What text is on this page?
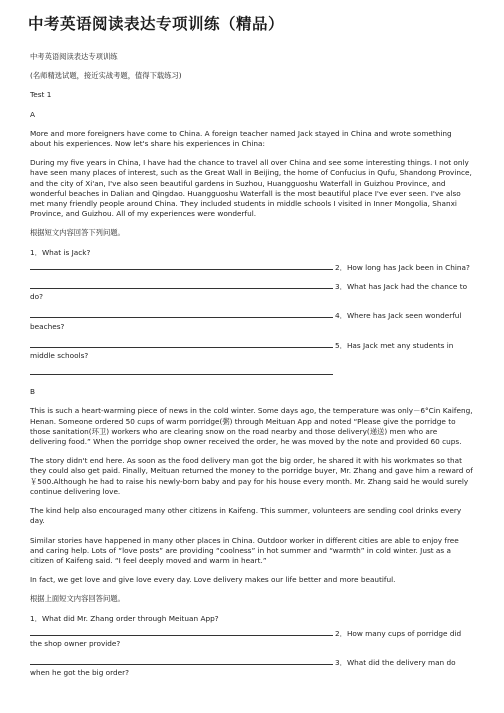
中考英语阅读表达专项训练（精品）
中考英语阅读表达专项训练
(名师精选试题，接近实战考题，值得下载练习)
Test 1
A
More and more foreigners have come to China. A foreign teacher named Jack stayed in China and wrote something about his experiences. Now let's share his experiences in China:
During my five years in China, I have had the chance to travel all over China and see some interesting things. I not only have seen many places of interest, such as the Great Wall in Beijing, the home of Confucius in Qufu, Shandong Province, and the city of Xi'an, I've also seen beautiful gardens in Suzhou, Huangguoshu Waterfall in Guizhou Province, and wonderful beaches in Dalian and Qingdao. Huangguoshu Waterfall is the most beautiful place I've ever seen. I've also met many friendly people around China. They included students in middle schools I visited in Inner Mongolia, Shanxi Province, and Guizhou. All of my experiences were wonderful.
根据短文内容回答下列问题。
1．What is Jack?
2．How long has Jack been in China?
3．What has Jack had the chance to do?
4．Where has Jack seen wonderful beaches?
5．Has Jack met any students in middle schools?
B
This is such a heart-warming piece of news in the cold winter. Some days ago, the temperature was only－6°Cin Kaifeng, Henan. Someone ordered 50 cups of warm porridge(粥) through Meituan App and noted “Please give the porridge to those sanitation(环卫) workers who are clearing snow on the road nearby and those delivery(递送) men who are delivering food.” When the porridge shop owner received the order, he was moved by the note and provided 60 cups.
The story didn't end here. As soon as the food delivery man got the big order, he shared it with his workmates so that they could also get paid. Finally, Meituan returned the money to the porridge buyer, Mr. Zhang and gave him a reward of ￥500.Although he had to raise his newly-born baby and pay for his house every month. Mr. Zhang said he would surely continue delivering love.
The kind help also encouraged many other citizens in Kaifeng. This summer, volunteers are sending cool drinks every day.
Similar stories have happened in many other places in China. Outdoor worker in different cities are able to enjoy free and caring help. Lots of “love posts” are providing “coolness” in hot summer and “warmth” in cold winter. Just as a citizen of Kaifeng said. “I feel deeply moved and warm in heart.”
In fact, we get love and give love every day. Love delivery makes our life better and more beautiful.
根据上面短文内容回答问题。
1．What did Mr. Zhang order through Meituan App?
2．How many cups of porridge did the shop owner provide?
3．What did the delivery man do when he got the big order?
